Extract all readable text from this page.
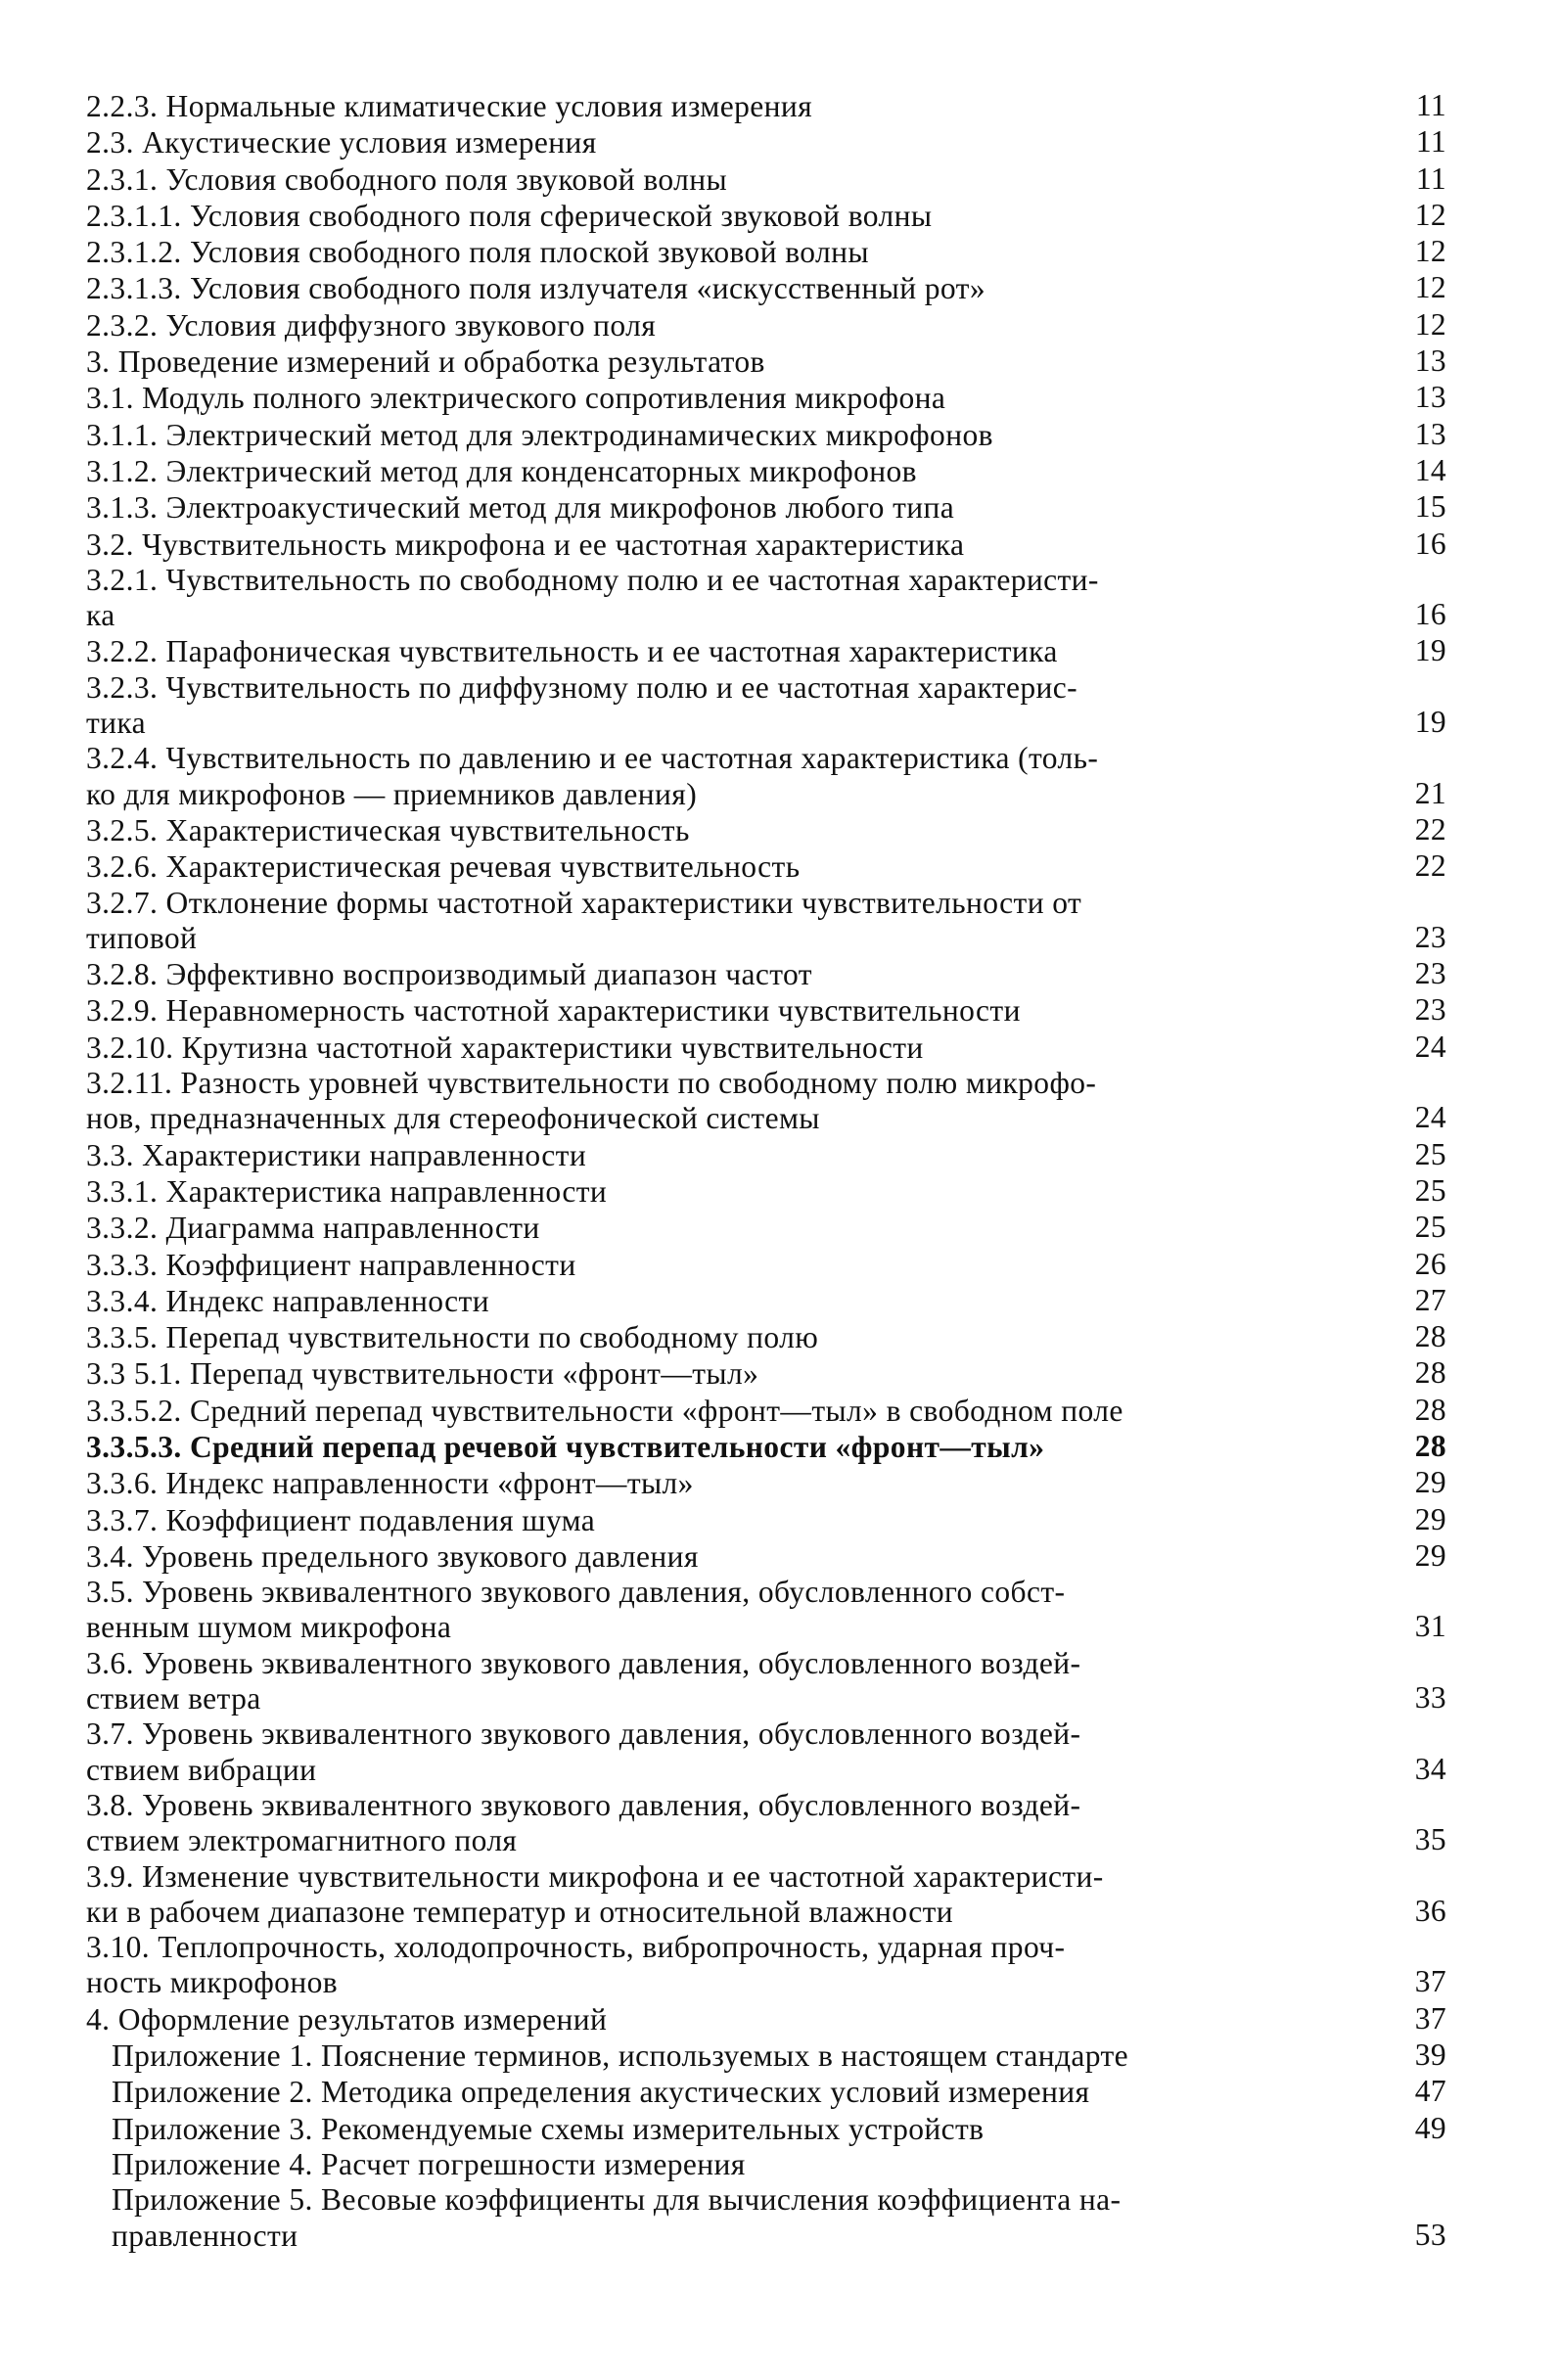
2.2.3. Нормальные климатические условия измерения	11
2.3. Акустические условия измерения	11
2.3.1. Условия свободного поля звуковой волны	11
2.3.1.1. Условия свободного поля сферической звуковой волны	12
2.3.1.2. Условия свободного поля плоской звуковой волны	12
2.3.1.3. Условия свободного поля излучателя «искусственный рот»	12
2.3.2. Условия диффузного звукового поля	12
3. Проведение измерений и обработка результатов	13
3.1. Модуль полного электрического сопротивления микрофона	13
3.1.1. Электрический метод для электродинамических микрофонов	13
3.1.2. Электрический метод для конденсаторных микрофонов	14
3.1.3. Электроакустический метод для микрофонов любого типа	15
3.2. Чувствительность микрофона и ее частотная характеристика	16
3.2.1. Чувствительность по свободному полю и ее частотная характеристи-
ка	16
3.2.2. Парафоническая чувствительность и ее частотная характеристика	19
3.2.3. Чувствительность по диффузному полю и ее частотная характерис-
тика	19
3.2.4. Чувствительность по давлению и ее частотная характеристика (толь-
ко для микрофонов — приемников давления)	21
3.2.5. Характеристическая чувствительность	22
3.2.6. Характеристическая речевая чувствительность	22
3.2.7. Отклонение формы частотной характеристики чувствительности от
типовой	23
3.2.8. Эффективно воспроизводимый диапазон частот	23
3.2.9. Неравномерность частотной характеристики чувствительности	23
3.2.10. Крутизна частотной характеристики чувствительности	24
3.2.11. Разность уровней чувствительности по свободному полю микрофо-
нов, предназначенных для стереофонической системы	24
3.3. Характеристики направленности	25
3.3.1. Характеристика направленности	25
3.3.2. Диаграмма направленности	25
3.3.3. Коэффициент направленности	26
3.3.4. Индекс направленности	27
3.3.5. Перепад чувствительности по свободному полю	28
3.3 5.1. Перепад чувствительности «фронт—тыл»	28
3.3.5.2. Средний перепад чувствительности «фронт—тыл» в свободном поле	28
3.3.5.3. Средний перепад речевой чувствительности «фронт—тыл»	28
3.3.6. Индекс направленности «фронт—тыл»	29
3.3.7. Коэффициент подавления шума	29
3.4. Уровень предельного звукового давления	29
3.5. Уровень эквивалентного звукового давления, обусловленного собст-
венным шумом микрофона	31
3.6. Уровень эквивалентного звукового давления, обусловленного воздей-
ствием ветра	33
3.7. Уровень эквивалентного звукового давления, обусловленного воздей-
ствием вибрации	34
3.8. Уровень эквивалентного звукового давления, обусловленного воздей-
ствием электромагнитного поля	35
3.9. Изменение чувствительности микрофона и ее частотной характеристи-
ки в рабочем диапазоне температур и относительной влажности	36
3.10. Теплопрочность, холодопрочность, вибропрочность, ударная проч-
ность микрофонов	37
4. Оформление результатов измерений	37
Приложение 1. Пояснение терминов, используемых в настоящем стандарте	39
Приложение 2. Методика определения акустических условий измерения	47
Приложение 3. Рекомендуемые схемы измерительных устройств	49
Приложение 4. Расчет погрешности измерения
Приложение 5. Весовые коэффициенты для вычисления коэффициента на-
правленности	53
